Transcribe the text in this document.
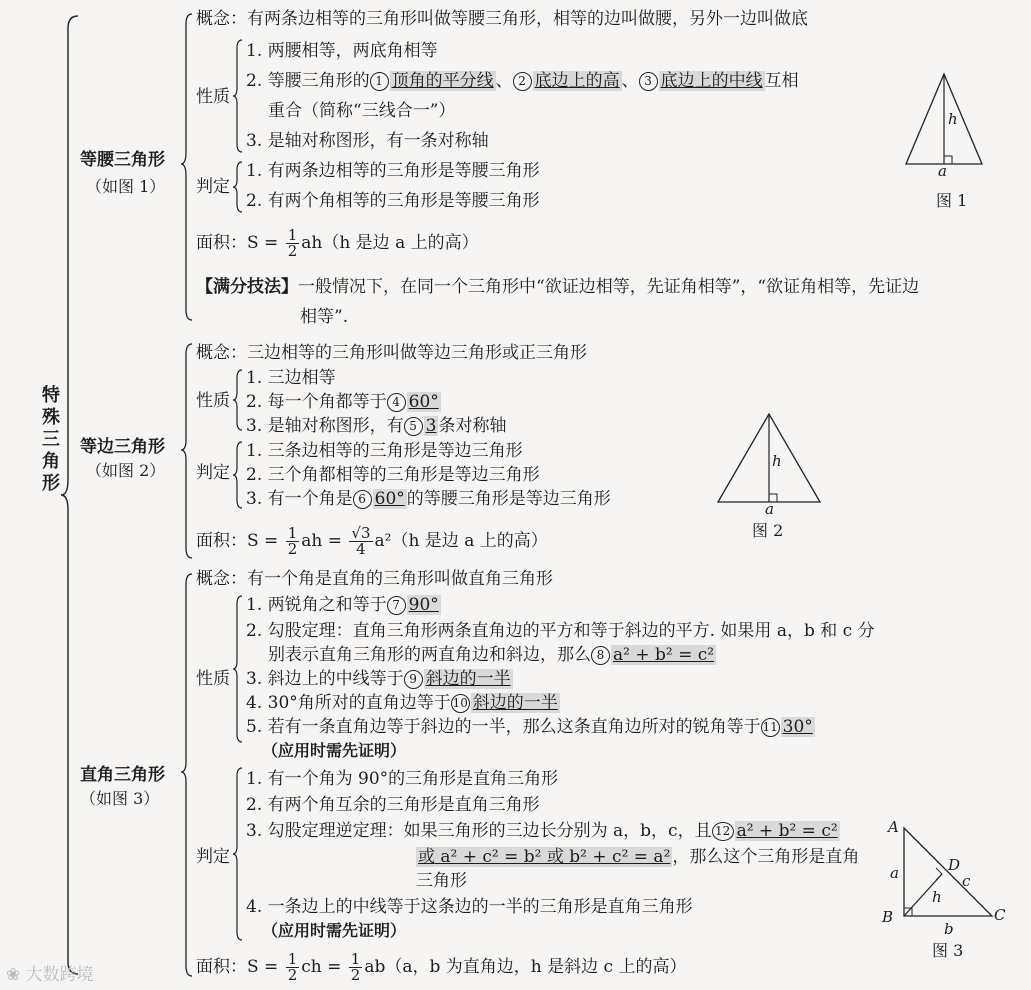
特殊三角形
等腰三角形
（如图 1）
概念：有两条边相等的三角形叫做等腰三角形，相等的边叫做腰，另外一边叫做底
性质
1. 两腰相等，两底角相等
2. 等腰三角形的 1 顶角的平分线 、 2 底边上的高 、 3 底边上的中线 互相
重合（简称“三线合一”）
3. 是轴对称图形，有一条对称轴
判定
1. 有两条边相等的三角形是等腰三角形
2. 有两个角相等的三角形是等腰三角形
面积：$S = \frac{1}{2} ah(h$ 是边 a 上的高）
【满分技法】一般情况下，在同一个三角形中“欲证边相等，先证角相等”，“欲证角相等，先证边
相等”.
h
a
图 1
等边三角形
（如图 2）
概念：三边相等的三角形叫做等边三角形或正三角形
性质
1. 三边相等
2. 每一个角都等于 4 60°
3. 是轴对称图形，有 5 3 条对称轴
判定
1. 三条边相等的三角形是等边三角形
2. 三个角都相等的三角形是等边三角形
3. 有一个角是 6 60° 的等腰三角形是等边三角形
面积：$S = \frac{1}{2}$ ah = $\frac{√3}{4} a^2(h$ 是边 a 上的高）
h
a
图 2
直角三角形
（如图 3）
概念：有一个角是直角的三角形叫做直角三角形
性质
1. 两锐角之和等于 7 90°
2. 勾股定理：直角三角形两条直角边的平方和等于斜边的平方. 如果用 a，b 和 c 分
别表示直角三角形的两直角边和斜边，那么 8 a² + b² = c²
3. 斜边上的中线等于 9 斜边的一半
4. 30°角所对的直角边等于 10 斜边的一半
5. 若有一条直角边等于斜边的一半，那么这条直角边所对的锐角等于 11 30°
（应用时需先证明）
判定
1. 有一个角为 90°的三角形是直角三角形
2. 有两个角互余的三角形是直角三角形
3. 勾股定理逆定理：如果三角形的三边长分别为 a，b，c，且 12 a² + b² = c²
或 a² + c² = b² 或 b² + c² = a² ，那么这个三角形是直角
三角形
4. 一条边上的中线等于这条边的一半的三角形是直角三角形
（应用时需先证明）
面积：$S = \frac{1}{2}$ ch = $\frac{1}{2} ab(a$，b 为直角边，h 是斜边 c 上的高）
A
B	C
D
a
b
c
h
图 3
❀ 大数跨境
